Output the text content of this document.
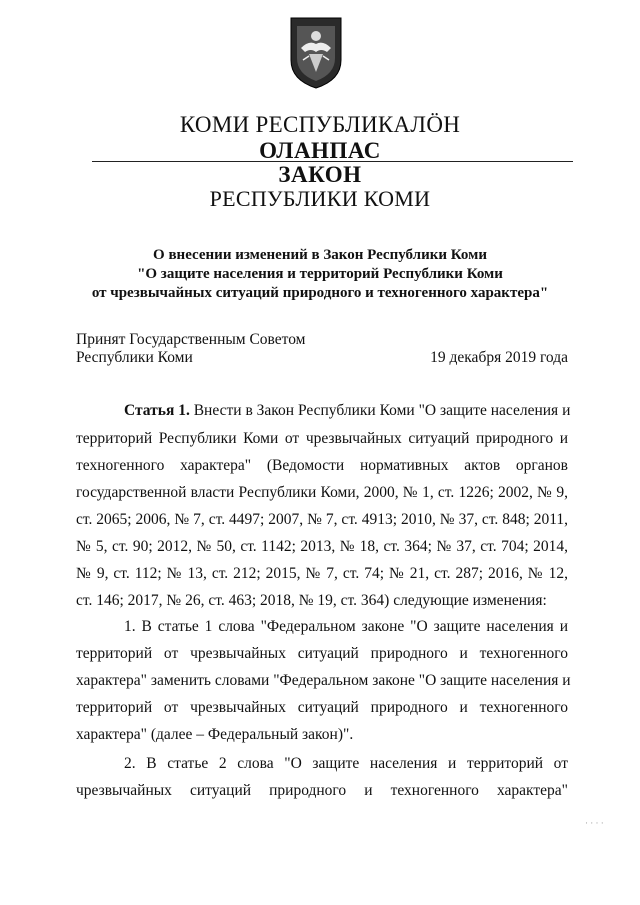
КОМИ РЕСПУБЛИКАЛӦН
ОЛАНПАС
ЗАКОН
РЕСПУБЛИКИ КОМИ
О внесении изменений в Закон Республики Коми
"О защите населения и территорий Республики Коми
от чрезвычайных ситуаций природного и техногенного характера"
Принят Государственным Советом
Республики Коми	19 декабря 2019 года
Статья 1. Внести в Закон Республики Коми "О защите населения и
территорий Республики Коми от чрезвычайных ситуаций природного и
техногенного характера" (Ведомости нормативных актов органов
государственной власти Республики Коми, 2000, № 1, ст. 1226; 2002, № 9,
ст. 2065; 2006, № 7, ст. 4497; 2007, № 7, ст. 4913; 2010, № 37, ст. 848; 2011,
№ 5, ст. 90; 2012, № 50, ст. 1142; 2013, № 18, ст. 364; № 37, ст. 704; 2014,
№ 9, ст. 112; № 13, ст. 212; 2015, № 7, ст. 74; № 21, ст. 287; 2016, № 12,
ст. 146; 2017, № 26, ст. 463; 2018, № 19, ст. 364) следующие изменения:
1. В статье 1 слова "Федеральном законе "О защите населения и
территорий от чрезвычайных ситуаций природного и техногенного
характера" заменить словами "Федеральном законе "О защите населения и
территорий от чрезвычайных ситуаций природного и техногенного
характера" (далее – Федеральный закон)".
2. В статье 2 слова "О защите населения и территорий от
чрезвычайных ситуаций природного и техногенного характера"
· · · ·
